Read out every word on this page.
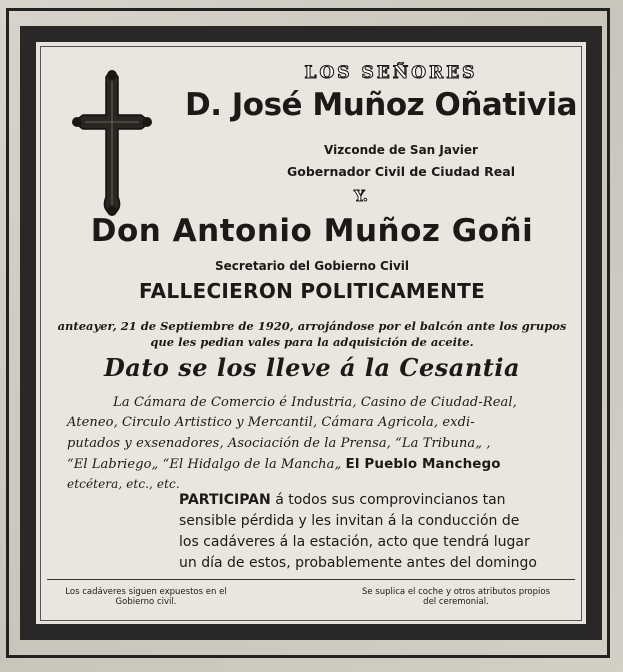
LOS SEÑORES

D. José Muñoz Oñativia

Vizconde de San Javier

Gobernador Civil de Ciudad Real

Y.

Don Antonio Muñoz Goñi

Secretario del Gobierno Civil

FALLECIERON POLITICAMENTE

anteayer, 21 de Septiembre de 1920, arrojándose por el balcón ante los grupos

que les pedian vales para la adquisición de aceite.

Dato se los lleve á la Cesantia

La Cámara de Comercio é Industria, Casino de Ciudad-Real,

Ateneo, Circulo Artistico y Mercantil, Cámara Agricola, exdi-

putados y exsenadores, Asociación de la Prensa, “La Tribuna„ ,

“El Labriego„ “El Hidalgo de la Mancha„ El Pueblo Manchego

etcétera, etc., etc.

PARTICIPAN á todos sus comprovincianos tan

sensible pérdida y les invitan á la conducción de

los cadáveres á la estación, acto que tendrá lugar

un día de estos, probablemente antes del domingo

Los cadáveres siguen expuestos en el Gobierno civil.

Se suplica el coche y otros atributos propios del ceremonial.
